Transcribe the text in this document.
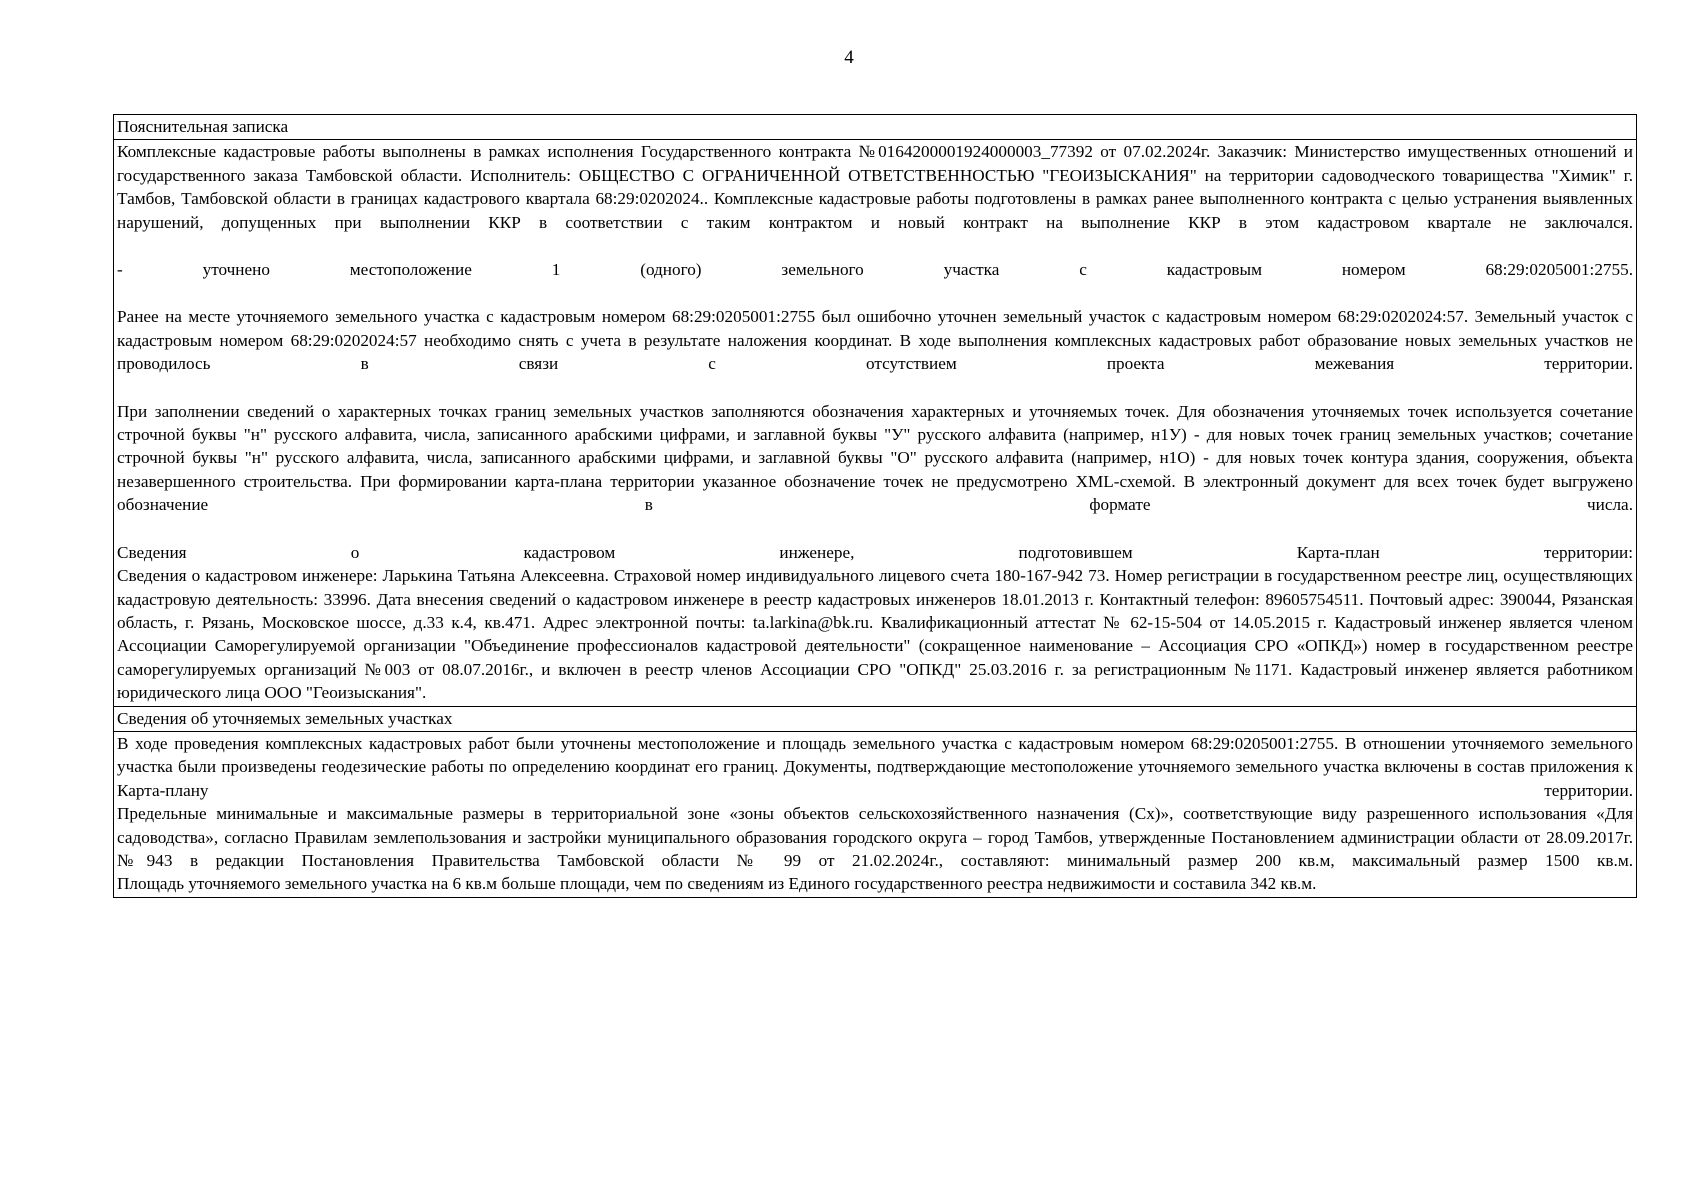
4
Пояснительная записка

Комплексные кадастровые работы выполнены в рамках исполнения Государственного контракта №0164200001924000003_77392 от 07.02.2024г. Заказчик: Министерство имущественных отношений и государственного заказа Тамбовской области. Исполнитель: ОБЩЕСТВО С ОГРАНИЧЕННОЙ ОТВЕТСТВЕННОСТЬЮ "ГЕОИЗЫСКАНИЯ" на территории садоводческого товарищества "Химик" г. Тамбов, Тамбовской области в границах кадастрового квартала 68:29:0202024.. Комплексные кадастровые работы подготовлены в рамках ранее выполненного контракта с целью устранения выявленных нарушений, допущенных при выполнении ККР в соответствии с таким контрактом и новый контракт на выполнение ККР в этом кадастровом квартале не заключался.

- уточнено местоположение 1 (одного) земельного участка с кадастровым номером 68:29:0205001:2755.

Ранее на месте уточняемого земельного участка с кадастровым номером 68:29:0205001:2755 был ошибочно уточнен земельный участок с кадастровым номером 68:29:0202024:57. Земельный участок с кадастровым номером 68:29:0202024:57 необходимо снять с учета в результате наложения координат. В ходе выполнения комплексных кадастровых работ образование новых земельных участков не проводилось в связи с отсутствием проекта межевания территории.

При заполнении сведений о характерных точках границ земельных участков заполняются обозначения характерных и уточняемых точек. Для обозначения уточняемых точек используется сочетание строчной буквы "н" русского алфавита, числа, записанного арабскими цифрами, и заглавной буквы "У" русского алфавита (например, н1У) - для новых точек границ земельных участков; сочетание строчной буквы "н" русского алфавита, числа, записанного арабскими цифрами, и заглавной буквы "О" русского алфавита (например, н1О) - для новых точек контура здания, сооружения, объекта незавершенного строительства. При формировании карта-плана территории указанное обозначение точек не предусмотрено XML-схемой. В электронный документ для всех точек будет выгружено обозначение в формате числа.

Сведения о кадастровом инженере, подготовившем Карта-план территории:

Сведения о кадастровом инженере: Ларькина Татьяна Алексеевна. Страховой номер индивидуального лицевого счета 180-167-942 73. Номер регистрации в государственном реестре лиц, осуществляющих кадастровую деятельность: 33996. Дата внесения сведений о кадастровом инженере в реестр кадастровых инженеров 18.01.2013 г. Контактный телефон: 89605754511. Почтовый адрес: 390044, Рязанская область, г. Рязань, Московское шоссе, д.33 к.4, кв.471. Адрес электронной почты: ta.larkina@bk.ru. Квалификационный аттестат № 62-15-504 от 14.05.2015 г. Кадастровый инженер является членом Ассоциации Саморегулируемой организации "Объединение профессионалов кадастровой деятельности" (сокращенное наименование – Ассоциация СРО «ОПКД») номер в государственном реестре саморегулируемых организаций №003 от 08.07.2016г., и включен в реестр членов Ассоциации СРО "ОПКД" 25.03.2016 г. за регистрационным №1171. Кадастровый инженер является работником юридического лица ООО "Геоизыскания".

Сведения об уточняемых земельных участках

В ходе проведения комплексных кадастровых работ были уточнены местоположение и площадь земельного участка с кадастровым номером 68:29:0205001:2755. В отношении уточняемого земельного участка были произведены геодезические работы по определению координат его границ. Документы, подтверждающие местоположение уточняемого земельного участка включены в состав приложения к Карта-плану территории.

Предельные минимальные и максимальные размеры в территориальной зоне «зоны объектов сельскохозяйственного назначения (Сх)», соответствующие виду разрешенного использования «Для садоводства», согласно Правилам землепользования и застройки муниципального образования городского округа – город Тамбов, утвержденные Постановлением администрации области от 28.09.2017г. №943 в редакции Постановления Правительства Тамбовской области № 99 от 21.02.2024г., составляют: минимальный размер 200 кв.м, максимальный размер 1500 кв.м.

Площадь уточняемого земельного участка на 6 кв.м больше площади, чем по сведениям из Единого государственного реестра недвижимости и составила 342 кв.м.
